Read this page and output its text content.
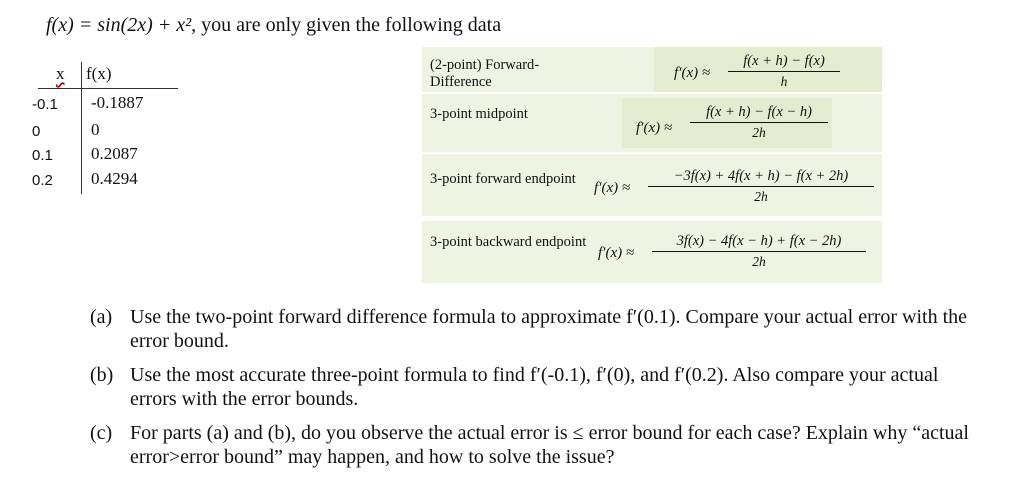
f(x) = sin(2x) + x², you are only given the following data
x f(x)
-0.1 -0.1887
0	0
0.1 0.2087
0.2 0.4294
(2-point) Forward-Difference
$f'(x) \approx \frac{f(x + h) - f(x)}{h}$
3-point midpoint
$f'(x) \approx \frac{f(x + h) - f(x - h)}{2h}$
3-point forward endpoint
$f'(x) \approx \frac{-3f(x) + 4f(x + h) - f(x + 2h)}{2h}$
3-point backward endpoint
$f'(x) \approx \frac{3f(x) - 4f(x - h) + f(x - 2h)}{2h}$
(a) Use the two-point forward difference formula to approximate f′(0.1). Compare your actual error with the error bound.
(b) Use the most accurate three-point formula to find f′(-0.1), f′(0), and f′(0.2). Also compare your actual errors with the error bounds.
(c) For parts (a) and (b), do you observe the actual error is ≤ error bound for each case? Explain why “actual error>error bound” may happen, and how to solve the issue?
